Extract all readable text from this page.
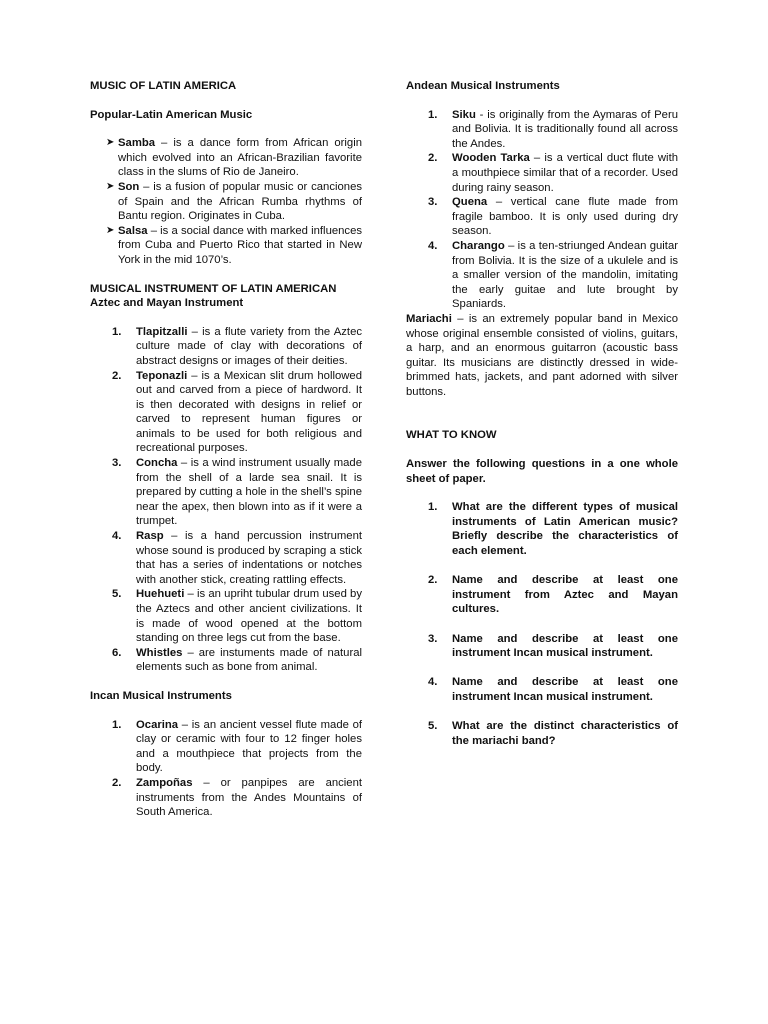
MUSIC OF LATIN AMERICA

Popular-Latin American Music

➤ Samba – is a dance form from African origin which evolved into an African-Brazilian favorite class in the slums of Rio de Janeiro.
➤ Son – is a fusion of popular music or canciones of Spain and the African Rumba rhythms of Bantu region. Originates in Cuba.
➤ Salsa – is a social dance with marked influences from Cuba and Puerto Rico that started in New York in the mid 1070’s.

MUSICAL INSTRUMENT OF LATIN AMERICAN

Aztec and Mayan Instrument

1. Tlapitzalli – is a flute variety from the Aztec culture made of clay with decorations of abstract designs or images of their deities.
2. Teponazli – is a Mexican slit drum hollowed out and carved from a piece of hardword. It is then decorated with designs in relief or carved to represent human figures or animals to be used for both religious and recreational purposes.
3. Concha – is a wind instrument usually made from the shell of a larde sea snail. It is prepared by cutting a hole in the shell’s spine near the apex, then blown into as if it were a trumpet.
4. Rasp – is a hand percussion instrument whose sound is produced by scraping a stick that has a series of indentations or notches with another stick, creating rattling effects.
5. Huehueti – is an upriht tubular drum used by the Aztecs and other ancient civilizations. It is made of wood opened at the bottom standing on three legs cut from the base.
6. Whistles – are instuments made of natural elements such as bone from animal.

Incan Musical Instruments

1. Ocarina – is an ancient vessel flute made of clay or ceramic with four to 12 finger holes and a mouthpiece that projects from the body.
2. Zampoñas – or panpipes are ancient instruments from the Andes Mountains of South America.

Andean Musical Instruments

1. Siku - is originally from the Aymaras of Peru and Bolivia. It is traditionally found all across the Andes.
2. Wooden Tarka – is a vertical duct flute with a mouthpiece similar that of a recorder. Used during rainy season.
3. Quena – vertical cane flute made from fragile bamboo. It is only used during dry season.
4. Charango – is a ten-striunged Andean guitar from Bolivia. It is the size of a ukulele and is a smaller version of the mandolin, imitating the early guitae and lute brought by Spaniards.

Mariachi – is an extremely popular band in Mexico whose original ensemble consisted of violins, guitars, a harp, and an enormous guitarron (acoustic bass guitar. Its musicians are distinctly dressed in wide-brimmed hats, jackets, and pant adorned with silver buttons.

WHAT TO KNOW

Answer the following questions in a one whole sheet of paper.

1. What are the different types of musical instruments of Latin American music? Briefly describe the characteristics of each element.
2. Name and describe at least one instrument from Aztec and Mayan cultures.
3. Name and describe at least one instrument Incan musical instrument.
4. Name and describe at least one instrument Incan musical instrument.
5. What are the distinct characteristics of the mariachi band?
